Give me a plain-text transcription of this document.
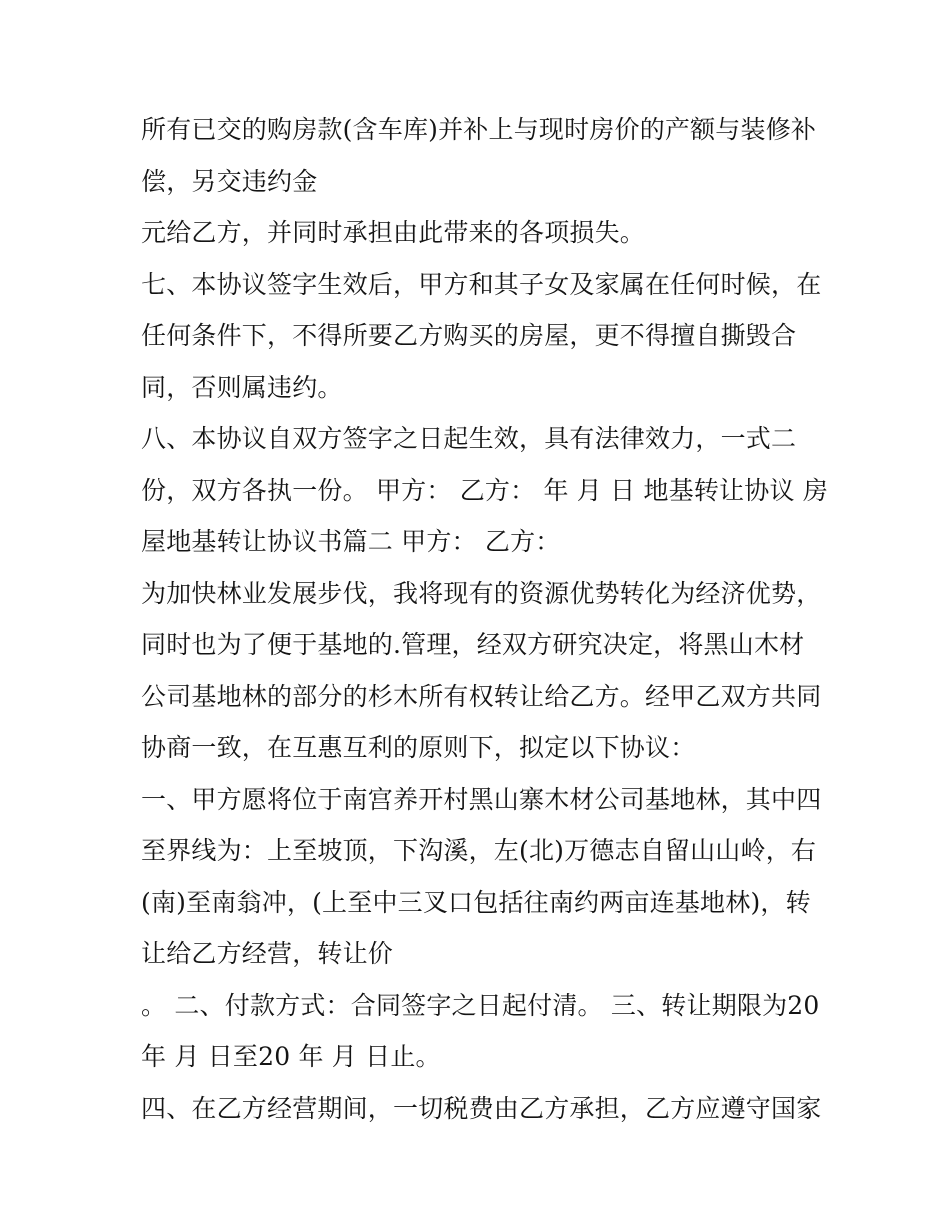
所有已交的购房款(含车库)并补上与现时房价的产额与装修补
偿，另交违约金
元给乙方，并同时承担由此带来的各项损失。
七、本协议签字生效后，甲方和其子女及家属在任何时候，在
任何条件下，不得所要乙方购买的房屋，更不得擅自撕毁合
同，否则属违约。
八、本协议自双方签字之日起生效，具有法律效力，一式二
份，双方各执一份。 甲方： 乙方： 年 月 日 地基转让协议 房
屋地基转让协议书篇二 甲方： 乙方：
为加快林业发展步伐，我将现有的资源优势转化为经济优势，
同时也为了便于基地的.管理，经双方研究决定，将黑山木材
公司基地林的部分的杉木所有权转让给乙方。经甲乙双方共同
协商一致，在互惠互利的原则下，拟定以下协议：
一、甲方愿将位于南宫养开村黑山寨木材公司基地林，其中四
至界线为：上至坡顶，下沟溪，左(北)万德志自留山山岭，右
(南)至南翁冲，(上至中三叉口包括往南约两亩连基地林)，转
让给乙方经营，转让价
。 二、付款方式：合同签字之日起付清。 三、转让期限为20
年 月 日至20 年 月 日止。
四、在乙方经营期间，一切税费由乙方承担，乙方应遵守国家
